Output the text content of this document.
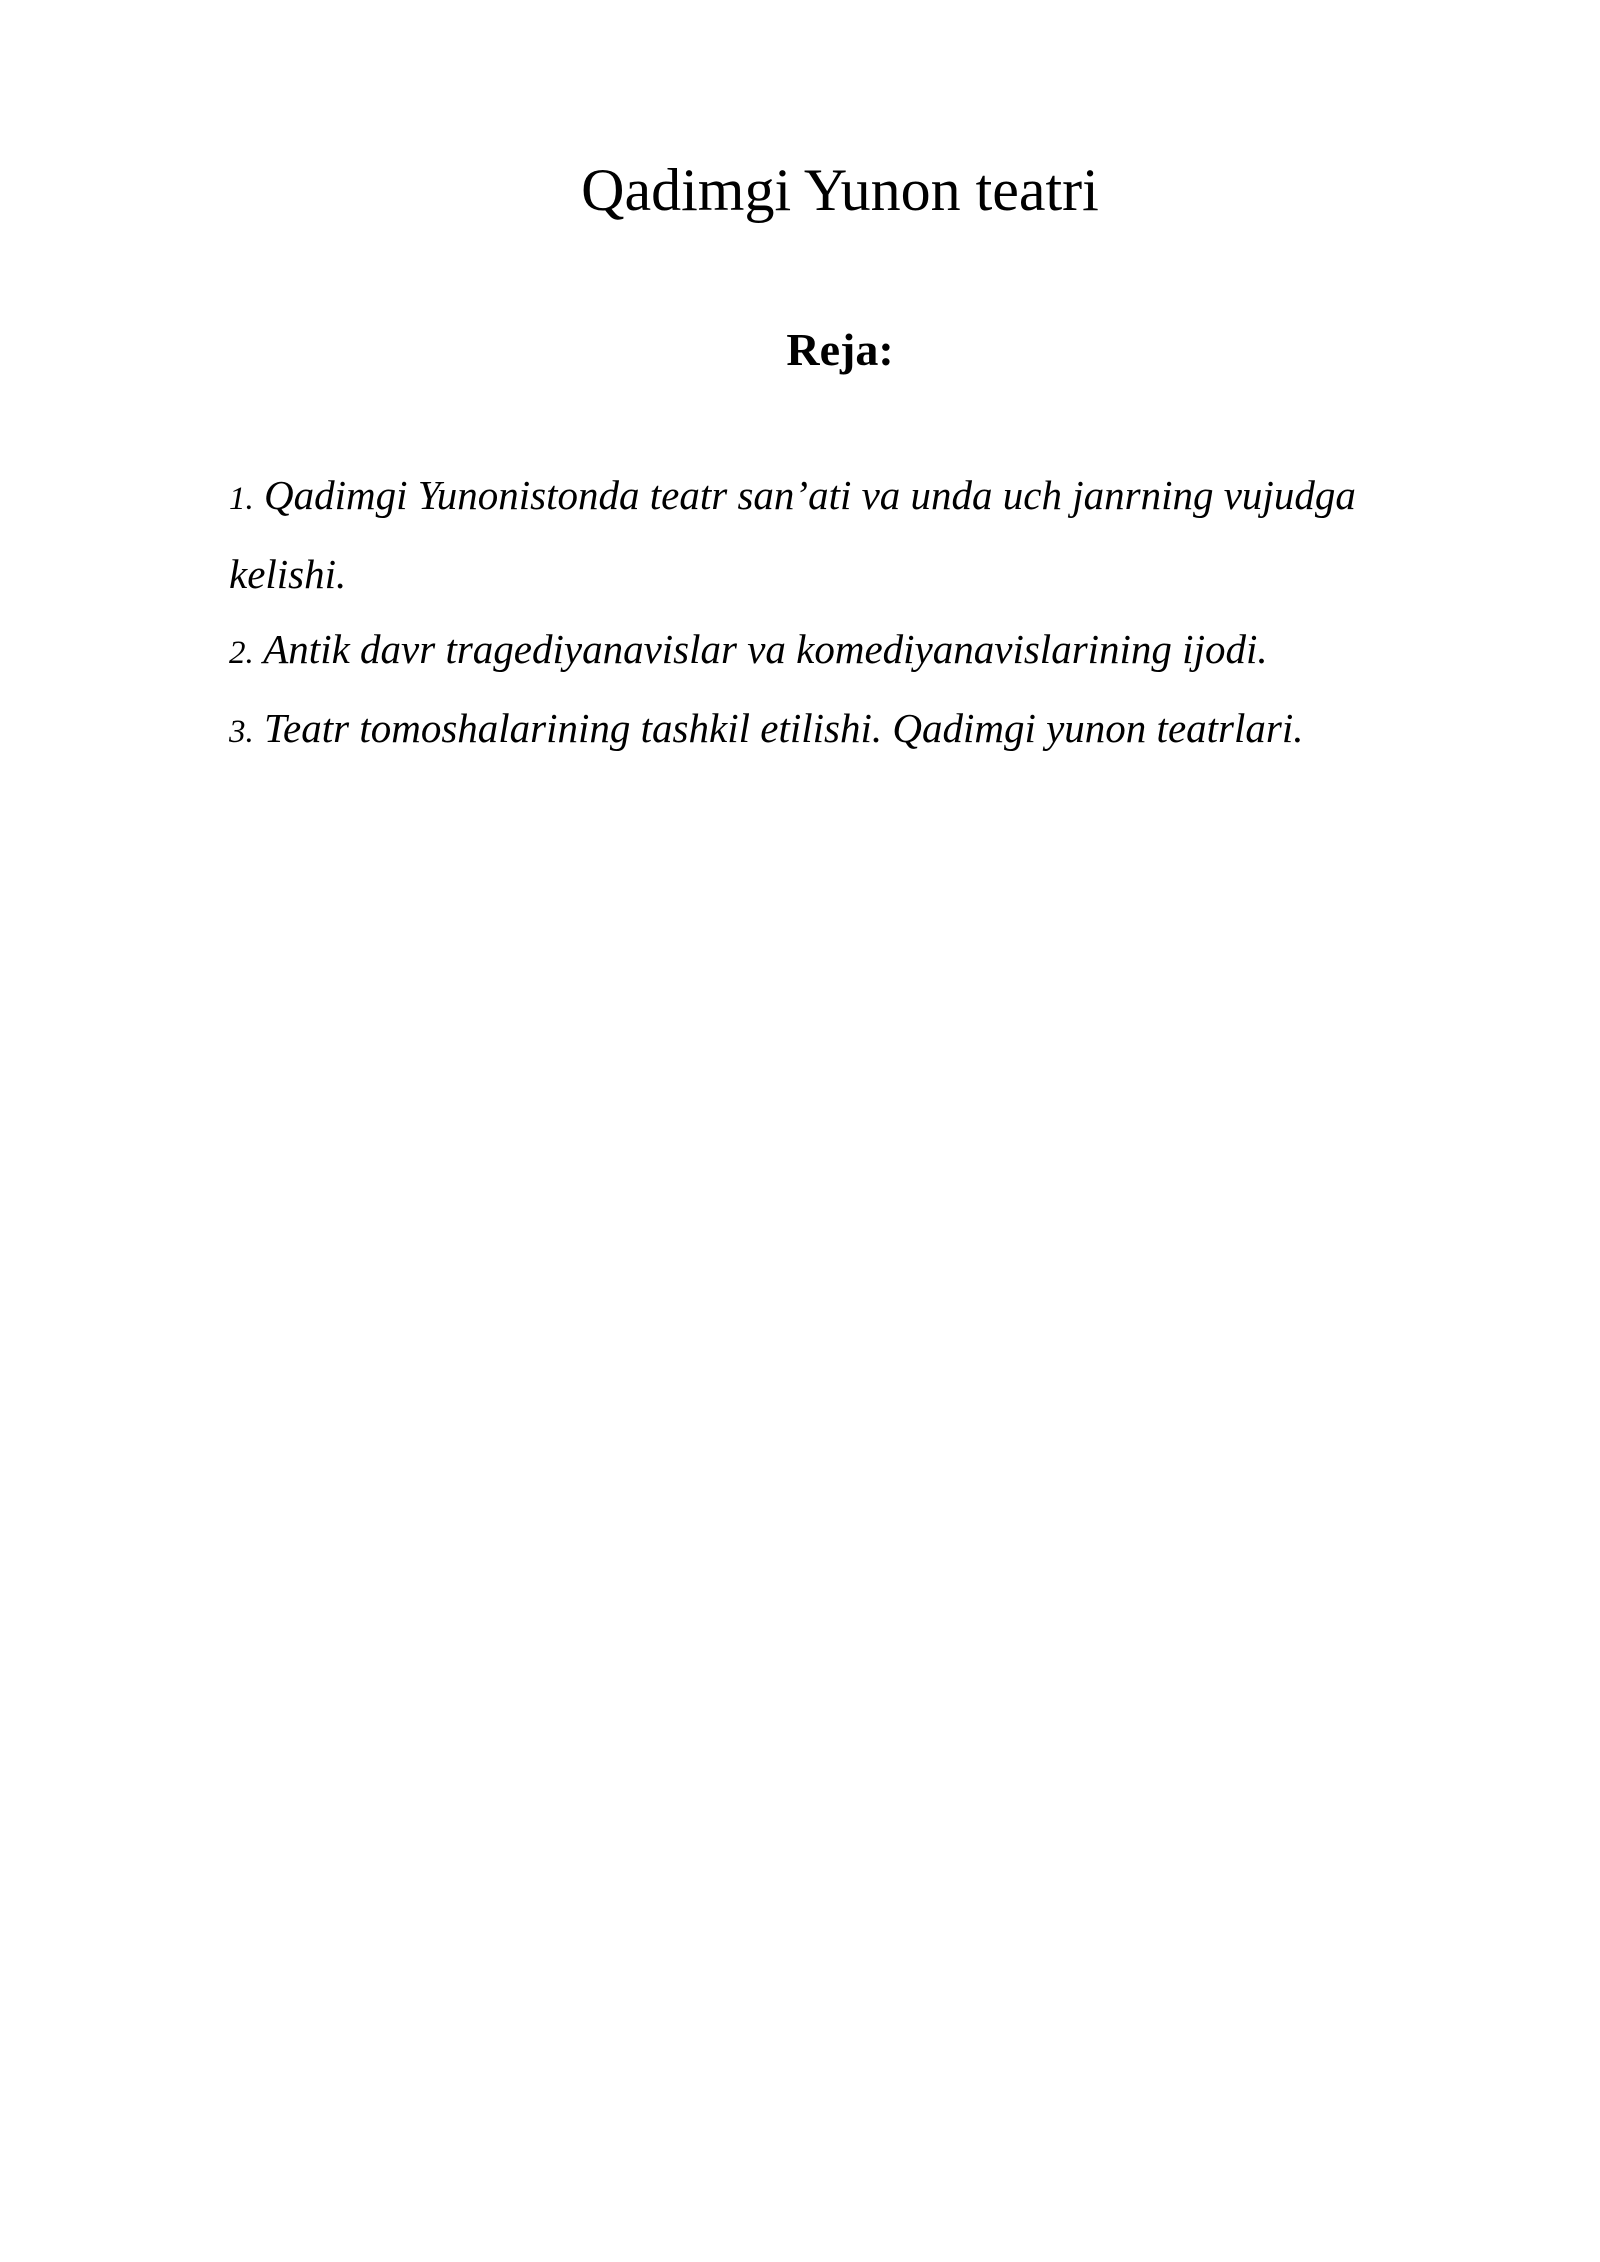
Qadimgi Yunon teatri
Reja:
1. Qadimgi Yunonistonda teatr san’ati va unda uch janrning vujudga kelishi.
2. Antik davr tragediyanavislar va komediyanavislarining ijodi.
3. Teatr tomoshalarining tashkil etilishi. Qadimgi yunon teatrlari.
